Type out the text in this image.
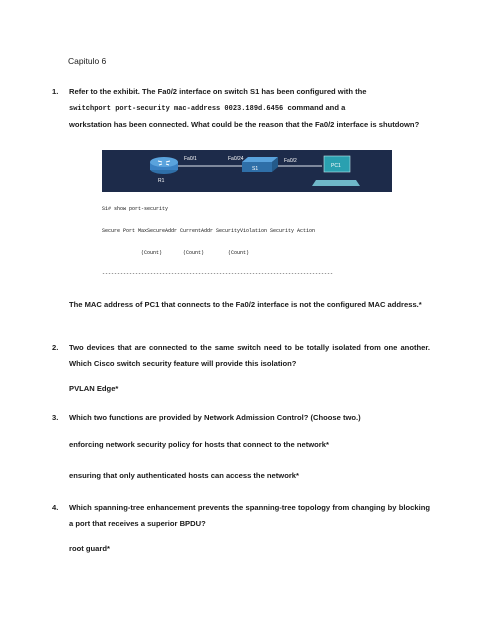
Capitulo 6
1. Refer to the exhibit. The Fa0/2 interface on switch S1 has been configured with the
switchport port-security mac-address 0023.189d.6456 command and a
workstation has been connected. What could be the reason that the Fa0/2 interface is shutdown?
R1
Fa0/1	Fa0/24
S1
Fa0/2
PC1

S1# show port-security

Secure Port MaxSecureAddr CurrentAddr SecurityViolation Security Action

(Count)       (Count)        (Count)

-----------------------------------------------------------------------------

The MAC address of PC1 that connects to the Fa0/2 interface is not the configured MAC address.*
2. Two devices that are connected to the same switch need to be totally isolated from one another. Which Cisco switch security feature will provide this isolation?
PVLAN Edge*
3. Which two functions are provided by Network Admission Control? (Choose two.)
enforcing network security policy for hosts that connect to the network*
ensuring that only authenticated hosts can access the network*
4. Which spanning-tree enhancement prevents the spanning-tree topology from changing by blocking a port that receives a superior BPDU?
root guard*
